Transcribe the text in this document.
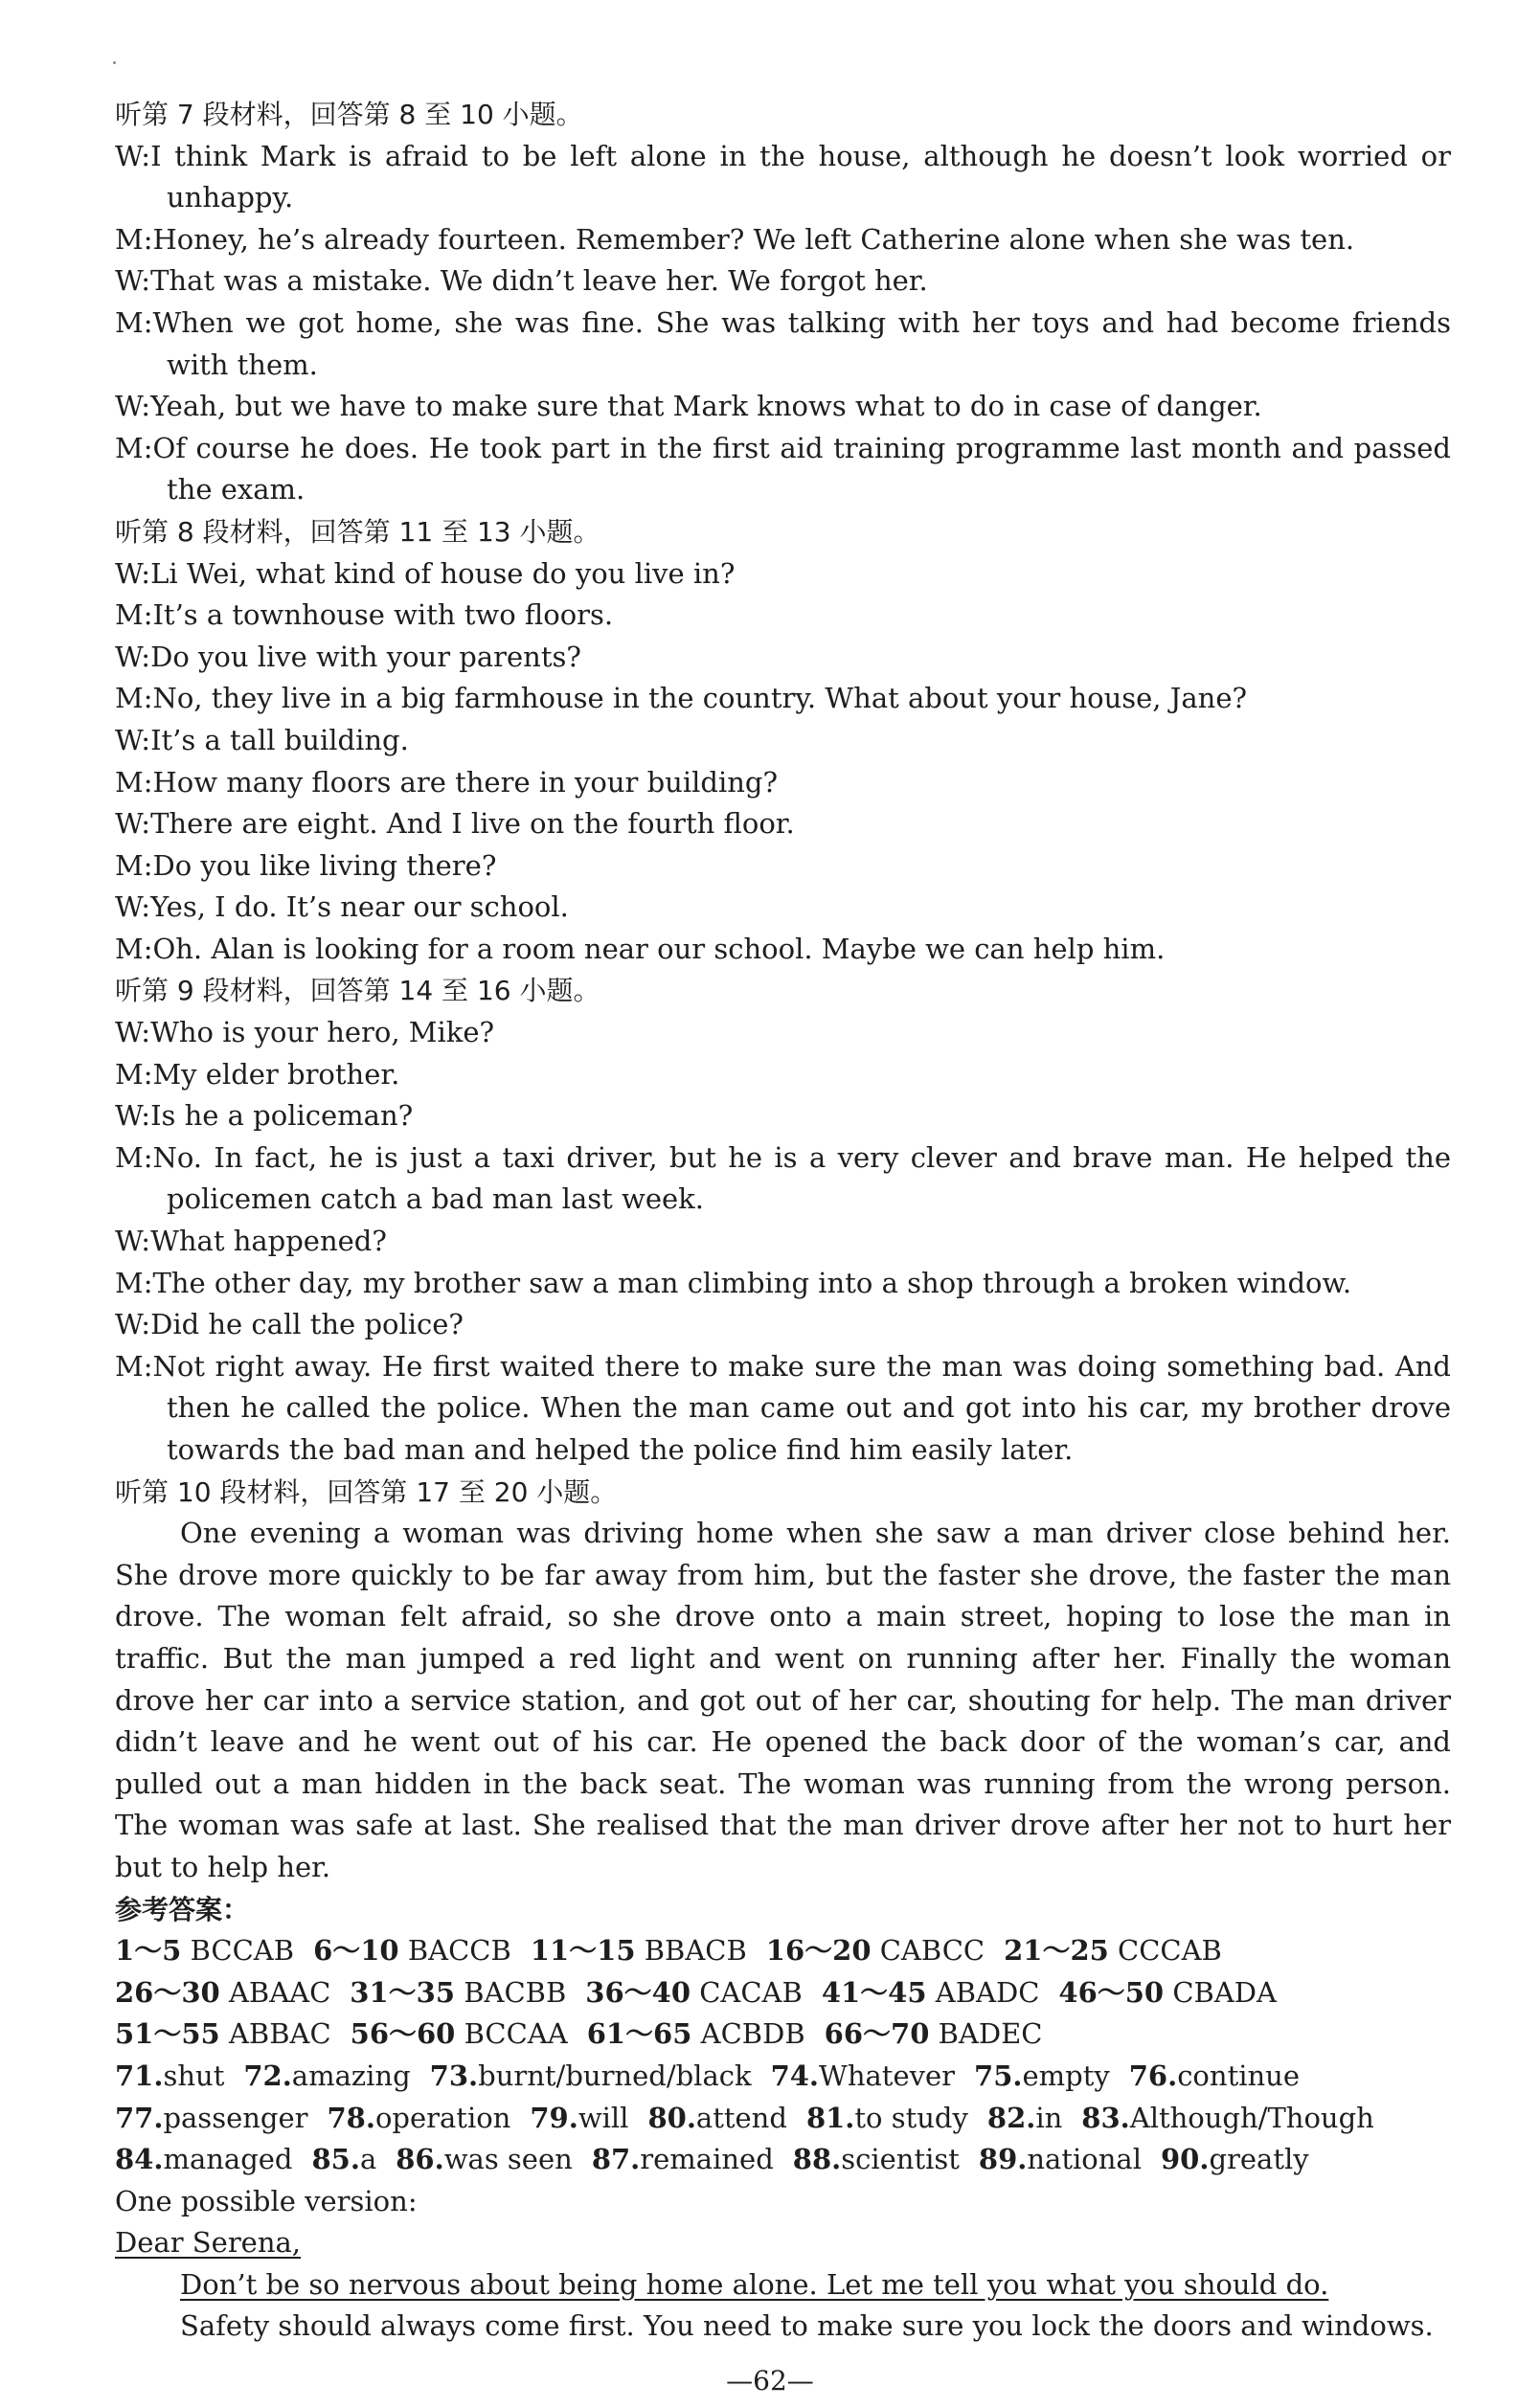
听第 7 段材料，回答第 8 至 10 小题。
W:I think Mark is afraid to be left alone in the house, although he doesn’t look worried or unhappy.
M:Honey, he’s already fourteen. Remember? We left Catherine alone when she was ten.
W:That was a mistake. We didn’t leave her. We forgot her.
M:When we got home, she was fine. She was talking with her toys and had become friends with them.
W:Yeah, but we have to make sure that Mark knows what to do in case of danger.
M:Of course he does. He took part in the first aid training programme last month and passed the exam.
听第 8 段材料，回答第 11 至 13 小题。
W:Li Wei, what kind of house do you live in?
M:It’s a townhouse with two floors.
W:Do you live with your parents?
M:No, they live in a big farmhouse in the country. What about your house, Jane?
W:It’s a tall building.
M:How many floors are there in your building?
W:There are eight. And I live on the fourth floor.
M:Do you like living there?
W:Yes, I do. It’s near our school.
M:Oh. Alan is looking for a room near our school. Maybe we can help him.
听第 9 段材料，回答第 14 至 16 小题。
W:Who is your hero, Mike?
M:My elder brother.
W:Is he a policeman?
M:No. In fact, he is just a taxi driver, but he is a very clever and brave man. He helped the policemen catch a bad man last week.
W:What happened?
M:The other day, my brother saw a man climbing into a shop through a broken window.
W:Did he call the police?
M:Not right away. He first waited there to make sure the man was doing something bad. And then he called the police. When the man came out and got into his car, my brother drove towards the bad man and helped the police find him easily later.
听第 10 段材料，回答第 17 至 20 小题。
One evening a woman was driving home when she saw a man driver close behind her. She drove more quickly to be far away from him, but the faster she drove, the faster the man drove. The woman felt afraid, so she drove onto a main street, hoping to lose the man in traffic. But the man jumped a red light and went on running after her. Finally the woman drove her car into a service station, and got out of her car, shouting for help. The man driver didn’t leave and he went out of his car. He opened the back door of the woman’s car, and pulled out a man hidden in the back seat. The woman was running from the wrong person. The woman was safe at last. She realised that the man driver drove after her not to hurt her but to help her.
参考答案：
1～5 BCCAB 6～10 BACCB 11～15 BBACB 16～20 CABCC 21～25 CCCAB
26～30 ABAAC 31～35 BACBB 36～40 CACAB 41～45 ABADC 46～50 CBADA
51～55 ABBAC 56～60 BCCAA 61～65 ACBDB 66～70 BADEC
71.shut 72.amazing 73.burnt/burned/black 74.Whatever 75.empty 76.continue
77.passenger 78.operation 79.will 80.attend 81.to study 82.in 83.Although/Though
84.managed 85.a 86.was seen 87.remained 88.scientist 89.national 90.greatly
One possible version:
Dear Serena,
Don’t be so nervous about being home alone. Let me tell you what you should do.
Safety should always come first. You need to make sure you lock the doors and windows.
—62—
